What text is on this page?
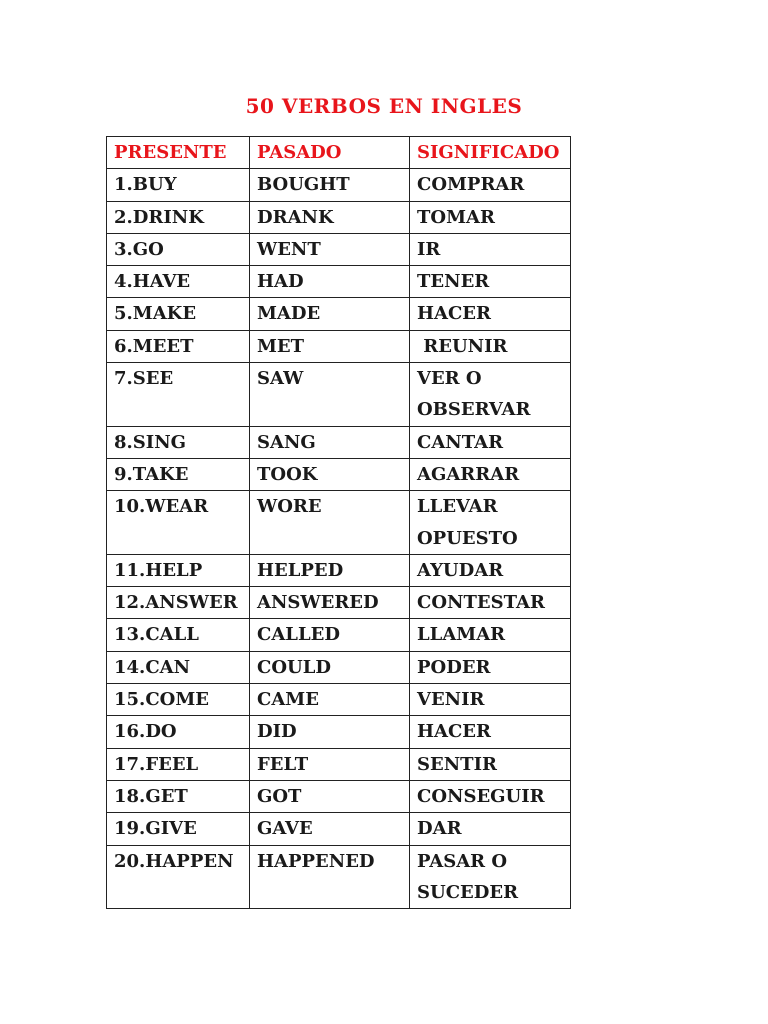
50 VERBOS EN INGLES
PRESENTE	PASADO	SIGNIFICADO
1.BUY	BOUGHT	COMPRAR
2.DRINK	DRANK	TOMAR
3.GO	WENT	IR
4.HAVE	HAD	TENER
5.MAKE	MADE	HACER
6.MEET	MET	REUNIR
7.SEE	SAW	VER O OBSERVAR
8.SING	SANG	CANTAR
9.TAKE	TOOK	AGARRAR
10.WEAR	WORE	LLEVAR OPUESTO
11.HELP	HELPED	AYUDAR
12.ANSWER	ANSWERED	CONTESTAR
13.CALL	CALLED	LLAMAR
14.CAN	COULD	PODER
15.COME	CAME	VENIR
16.DO	DID	HACER
17.FEEL	FELT	SENTIR
18.GET	GOT	CONSEGUIR
19.GIVE	GAVE	DAR
20.HAPPEN	HAPPENED	PASAR O SUCEDER
